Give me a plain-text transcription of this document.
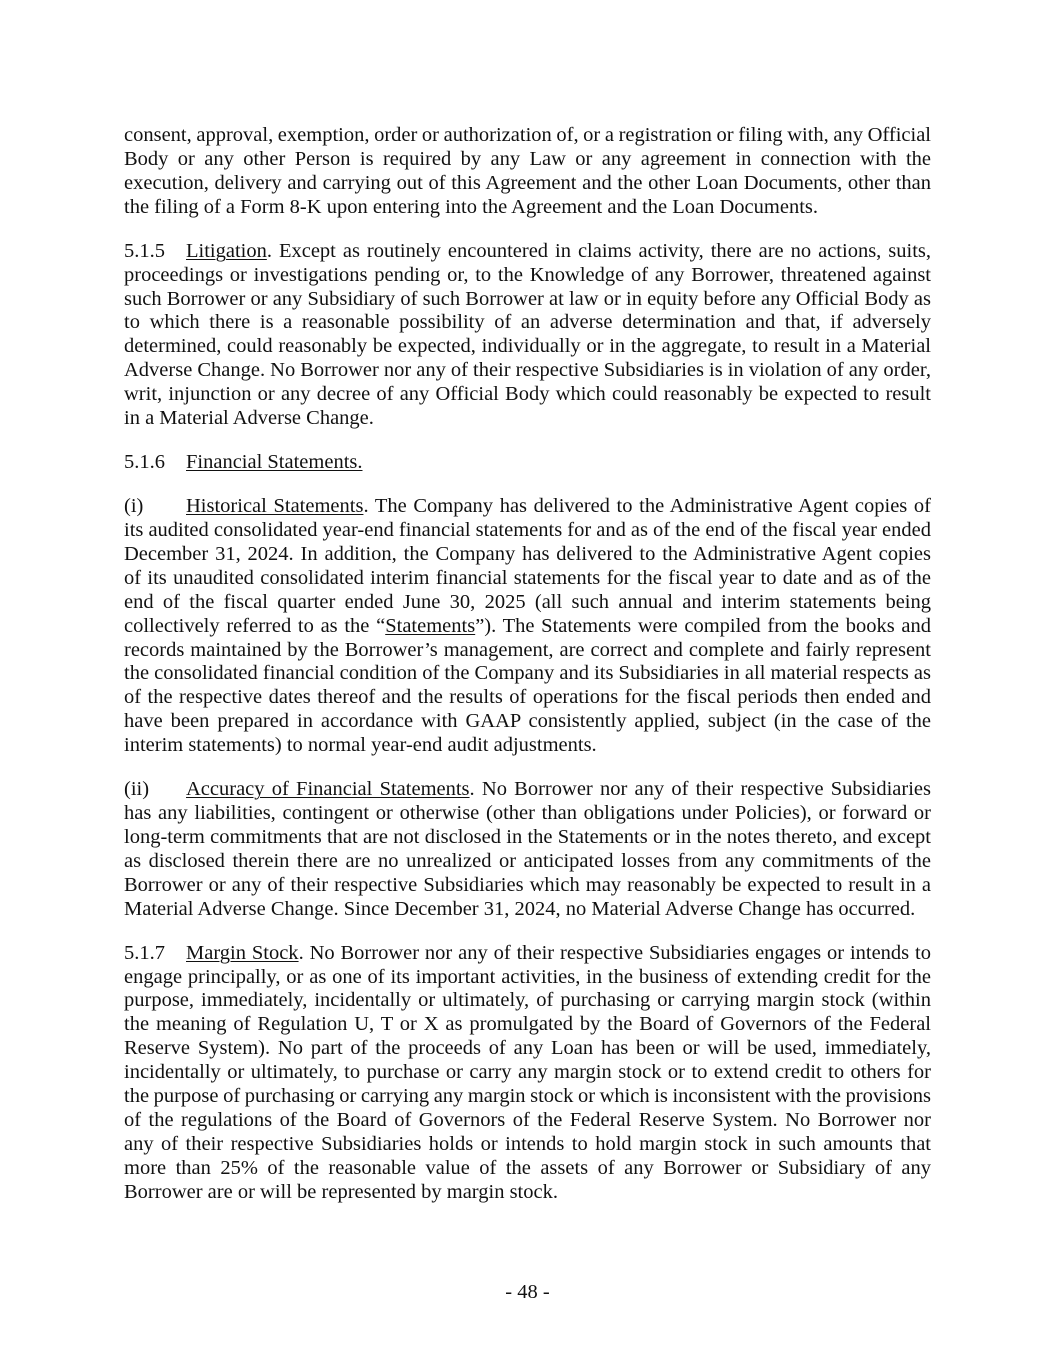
consent, approval, exemption, order or authorization of, or a registration or filing with, any Official
Body or any other Person is required by any Law or any agreement in connection with the
execution, delivery and carrying out of this Agreement and the other Loan Documents, other than
the filing of a Form 8-K upon entering into the Agreement and the Loan Documents.
5.1.5 Litigation. Except as routinely encountered in claims activity, there are no actions, suits,
proceedings or investigations pending or, to the Knowledge of any Borrower, threatened against
such Borrower or any Subsidiary of such Borrower at law or in equity before any Official Body as
to which there is a reasonable possibility of an adverse determination and that, if adversely
determined, could reasonably be expected, individually or in the aggregate, to result in a Material
Adverse Change. No Borrower nor any of their respective Subsidiaries is in violation of any order,
writ, injunction or any decree of any Official Body which could reasonably be expected to result
in a Material Adverse Change.
5.1.6 Financial Statements.
(i) Historical Statements. The Company has delivered to the Administrative Agent copies of
its audited consolidated year-end financial statements for and as of the end of the fiscal year ended
December 31, 2024. In addition, the Company has delivered to the Administrative Agent copies
of its unaudited consolidated interim financial statements for the fiscal year to date and as of the
end of the fiscal quarter ended June 30, 2025 (all such annual and interim statements being
collectively referred to as the “Statements”). The Statements were compiled from the books and
records maintained by the Borrower’s management, are correct and complete and fairly represent
the consolidated financial condition of the Company and its Subsidiaries in all material respects as
of the respective dates thereof and the results of operations for the fiscal periods then ended and
have been prepared in accordance with GAAP consistently applied, subject (in the case of the
interim statements) to normal year-end audit adjustments.
(ii) Accuracy of Financial Statements. No Borrower nor any of their respective Subsidiaries
has any liabilities, contingent or otherwise (other than obligations under Policies), or forward or
long-term commitments that are not disclosed in the Statements or in the notes thereto, and except
as disclosed therein there are no unrealized or anticipated losses from any commitments of the
Borrower or any of their respective Subsidiaries which may reasonably be expected to result in a
Material Adverse Change. Since December 31, 2024, no Material Adverse Change has occurred.
5.1.7 Margin Stock. No Borrower nor any of their respective Subsidiaries engages or intends to
engage principally, or as one of its important activities, in the business of extending credit for the
purpose, immediately, incidentally or ultimately, of purchasing or carrying margin stock (within
the meaning of Regulation U, T or X as promulgated by the Board of Governors of the Federal
Reserve System). No part of the proceeds of any Loan has been or will be used, immediately,
incidentally or ultimately, to purchase or carry any margin stock or to extend credit to others for
the purpose of purchasing or carrying any margin stock or which is inconsistent with the provisions
of the regulations of the Board of Governors of the Federal Reserve System. No Borrower nor
any of their respective Subsidiaries holds or intends to hold margin stock in such amounts that
more than 25% of the reasonable value of the assets of any Borrower or Subsidiary of any
Borrower are or will be represented by margin stock.
- 48 -
